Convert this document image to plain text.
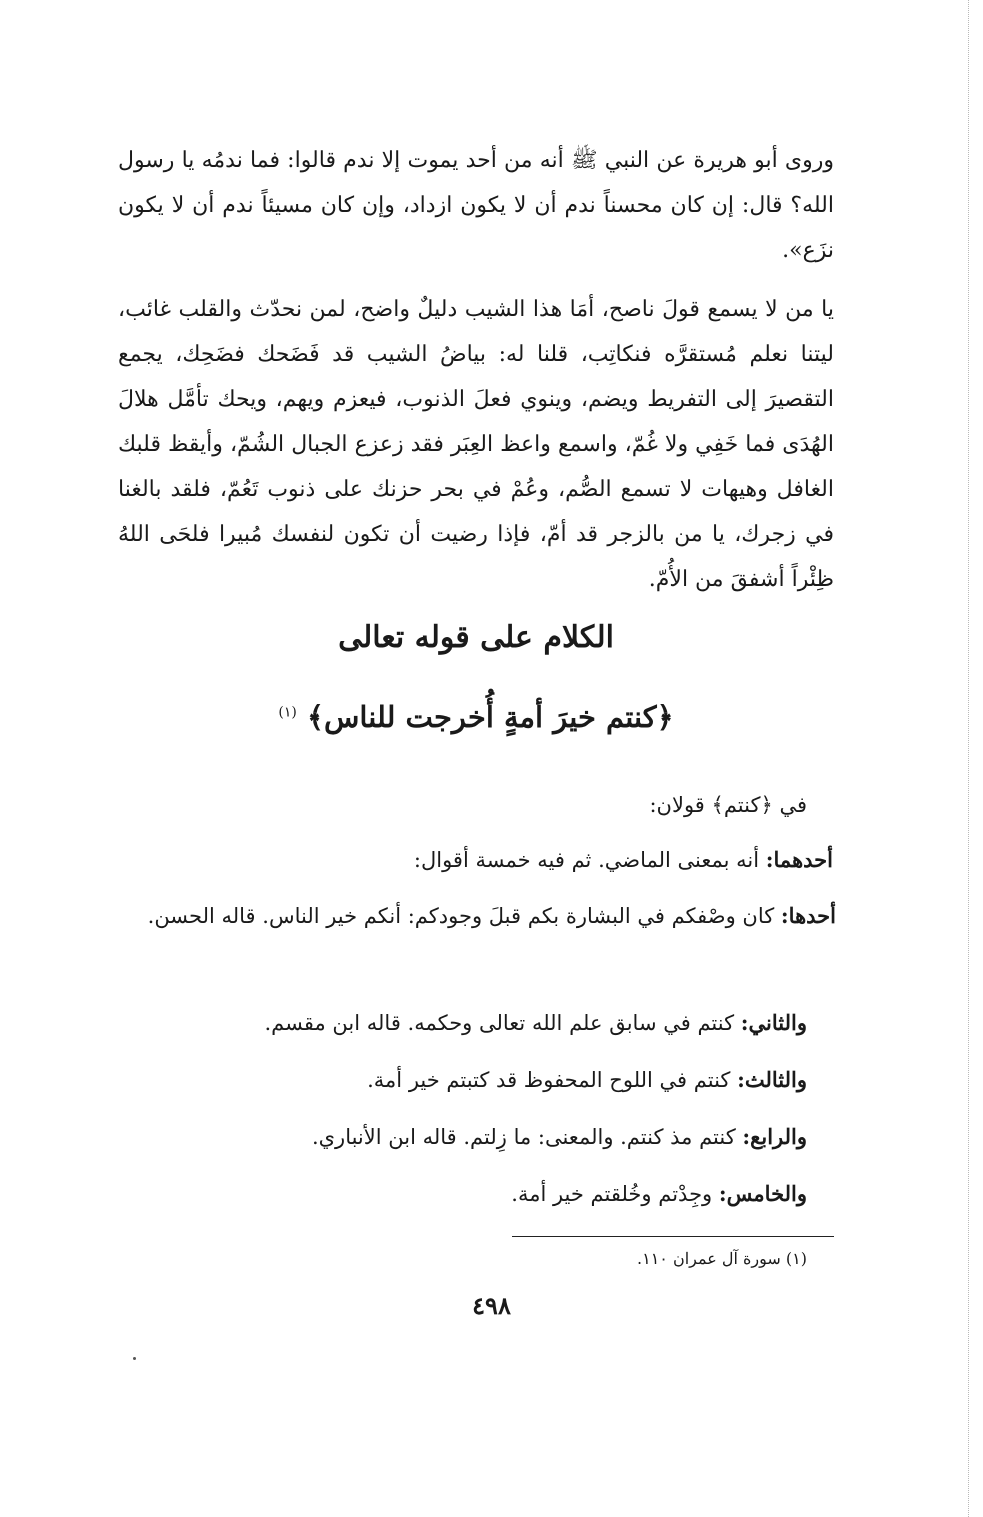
وروى أبو هريرة عن النبي ﷺ أنه من أحد يموت إلا ندم قالوا: فما ندمُه يا رسول الله؟ قال: إن كان محسناً ندم أن لا يكون ازداد، وإن كان مسيئاً ندم أن لا يكون نزَع».

يا من لا يسمع قولَ ناصح، أمَا هذا الشيب دليلٌ واضح، لمن نحدّث والقلب غائب، ليتنا نعلم مُستقرَّه فنكاتِب، قلنا له: بياضُ الشيب قد فَضَحك فضَحِك، يجمع التقصيرَ إلى التفريط ويضم، وينوي فعلَ الذنوب، فيعزم ويهم، ويحك تأمَّل هلالَ الهُدَى فما خَفِي ولا غُمّ، واسمع واعظ العِبَر فقد زعزع الجبال الشُمّ، وأيقظ قلبك الغافل وهيهات لا تسمع الصُّم، وعُمْ في بحر حزنك على ذنوب تَعُمّ، فلقد بالغنا في زجرك، يا من بالزجر قد أمّ، فإذا رضيت أن تكون لنفسك مُبيرا فلحَى اللهُ ظِئْراً أشفقَ من الأُمّ.

الكلام على قوله تعالى
﴿كنتم خيرَ أمةٍ أُخرجت للناس﴾ $^{(١)}$
في ﴿كنتم﴾ قولان:
أحدهما: أنه بمعنى الماضي. ثم فيه خمسة أقوال:
أحدها: كان وصْفكم في البشارة بكم قبلَ وجودكم: أنكم خير الناس. قاله الحسن.
والثاني: كنتم في سابق علم الله تعالى وحكمه. قاله ابن مقسم.
والثالث: كنتم في اللوح المحفوظ قد كتبتم خير أمة.
والرابع: كنتم مذ كنتم. والمعنى: ما زِلتم. قاله ابن الأنباري.
والخامس: وجِدْتم وخُلقتم خير أمة.
(١) سورة آل عمران ١١٠.
٤٩٨
